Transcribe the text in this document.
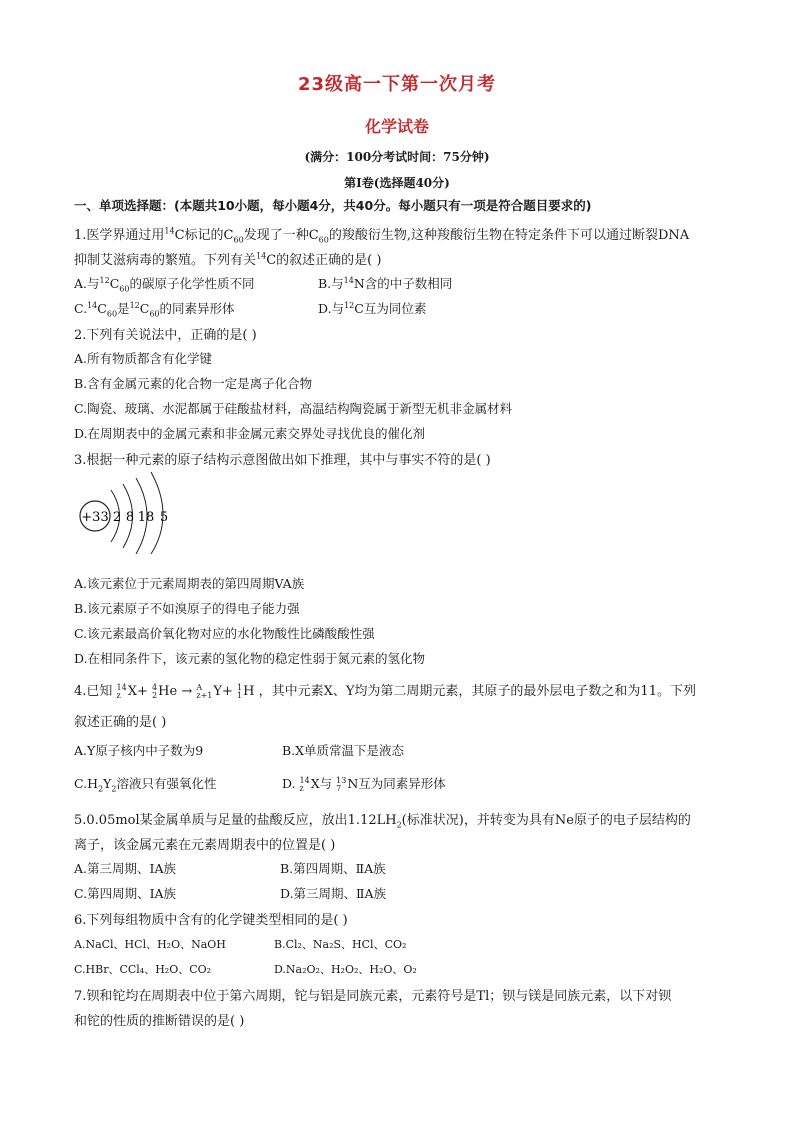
23级高一下第一次月考
化学试卷
(满分：100分考试时间：75分钟)
第Ⅰ卷(选择题40分)
一、单项选择题：(本题共10小题，每小题4分，共40分。每小题只有一项是符合题目要求的)
1.医学界通过用$^{14}$C标记的$C_{60}$发现了一种$C_{60}$的羧酸衍生物,这种羧酸衍生物在特定条件下可以通过断裂DNA
抑制艾滋病毒的繁殖。下列有关$^{14}$C的叙述正确的是( )
A.与$^{12}C_{60}$的碳原子化学性质不同	B.与$^{14}$N含的中子数相同
$C.^{14}C_{60}$是$^{12}C_{60}$的同素异形体	D.与$^{12}$C互为同位素
2.下列有关说法中，正确的是( )
A.所有物质都含有化学键
B.含有金属元素的化合物一定是离子化合物
C.陶瓷、玻璃、水泥都属于硅酸盐材料，高温结构陶瓷属于新型无机非金属材料
D.在周期表中的金属元素和非金属元素交界处寻找优良的催化剂
3.根据一种元素的原子结构示意图做出如下推理，其中与事实不符的是( )
+33 2 8 18 5
A.该元素位于元素周期表的第四周期VA族
B.该元素原子不如溴原子的得电子能力强
C.该元素最高价氧化物对应的水化物酸性比磷酸酸性强
D.在相同条件下，该元素的氢化物的稳定性弱于氮元素的氢化物
4.已知 14
z X+ 4
2 He → A
z+1 Y+ 1
1 H ，其中元素X、Y均为第二周期元素，其原子的最外层电子数之和为11。下列
叙述正确的是( )
A.Y原子核内中子数为9	B.X单质常温下是液态
$C.H_2Y_2$溶液只有强氧化性	D. 14
z X与 13
7 N互为同素异形体
5.0.05mol某金属单质与足量的盐酸反应，放出$1.12LH_2$(标准状况)，并转变为具有Ne原子的电子层结构的
离子，该金属元素在元素周期表中的位置是( )
A.第三周期、ⅠA族	B.第四周期、ⅡA族
C.第四周期、ⅠA族	D.第三周期、ⅡA族
6.下列每组物质中含有的化学键类型相同的是( )
A.NaCl、HCl、H₂O、NaOH	B.Cl₂、Na₂S、HCl、CO₂
C.HBr、CCl₄、H₂O、CO₂	D.Na₂O₂、H₂O₂、H₂O、O₂
7.钡和铊均在周期表中位于第六周期，铊与铝是同族元素，元素符号是Tl；钡与镁是同族元素，以下对钡
和铊的性质的推断错误的是( )
